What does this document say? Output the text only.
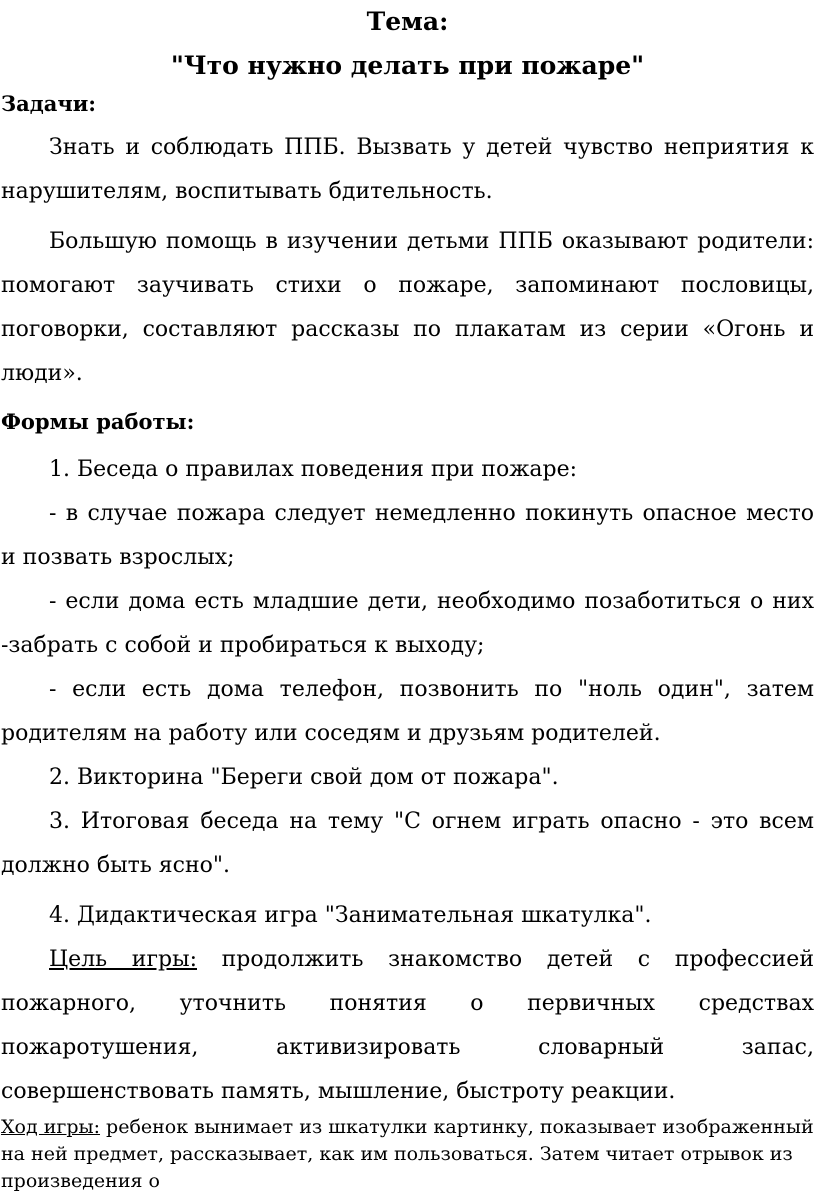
Тема:
"Что нужно делать при пожаре"
Задачи:

Знать и соблюдать ППБ. Вызвать у детей чувство неприятия к нарушителям, воспитывать бдительность.

Большую помощь в изучении детьми ППБ оказывают родители: помогают заучивать стихи о пожаре, запоминают пословицы, поговорки, составляют рассказы по плакатам из серии «Огонь и люди».

Формы работы:

1. Беседа о правилах поведения при пожаре:

- в случае пожара следует немедленно покинуть опасное место и позвать взрослых;

- если дома есть младшие дети, необходимо позаботиться о них -забрать с собой и пробираться к выходу;

- если есть дома телефон, позвонить по "ноль один", затем родителям на работу или соседям и друзьям родителей.

2. Викторина "Береги свой дом от пожара".

3. Итоговая беседа на тему "С огнем играть опасно - это всем должно быть ясно".

4. Дидактическая игра "Занимательная шкатулка".

Цель игры: продолжить знакомство детей с профессией пожарного, уточнить понятия о первичных средствах пожаротушения, активизировать словарный запас, совершенствовать память, мышление, быстроту реакции.

Ход игры: ребенок вынимает из шкатулки картинку, показывает изображенный на ней предмет, рассказывает, как им пользоваться. Затем читает отрывок из произведения о
